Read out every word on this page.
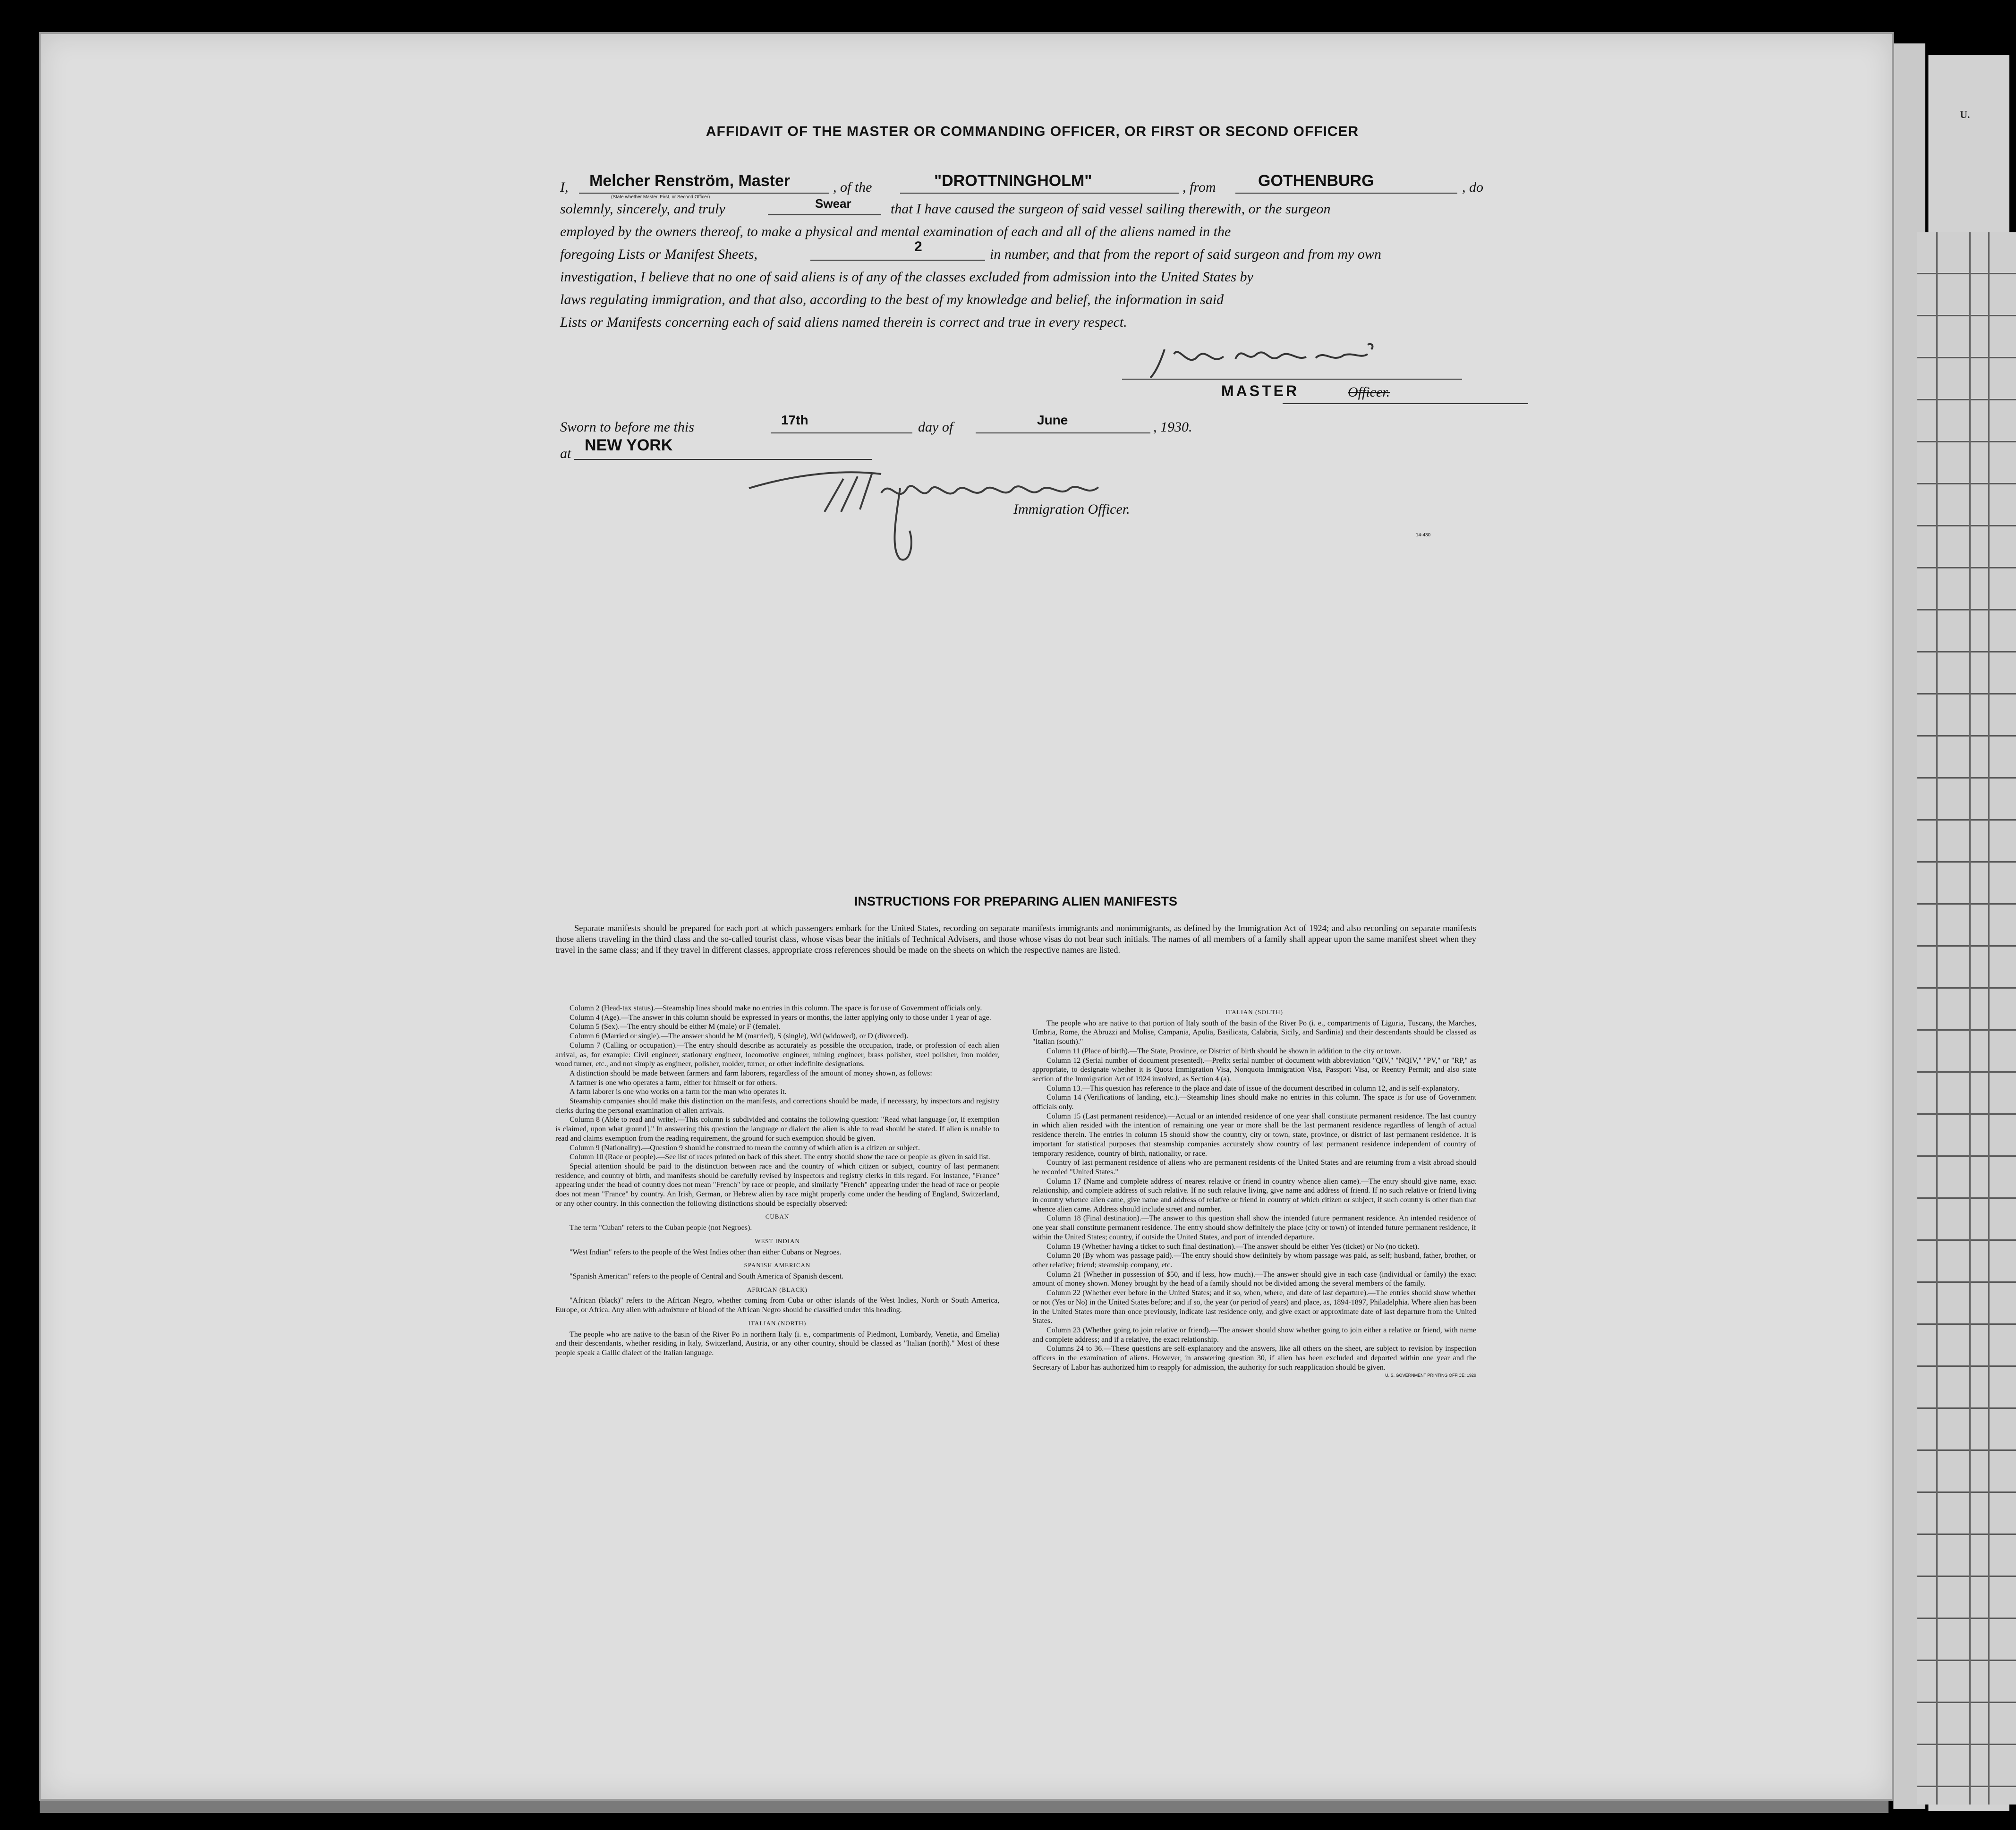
U.
AFFIDAVIT OF THE MASTER OR COMMANDING OFFICER, OR FIRST OR SECOND OFFICER
I, Melcher Renström, Master	, of the	"DROTTNINGHOLM"	, from	GOTHENBURG	, do
solemnly, sincerely, and truly
(State whether Master, First, or Second Officer)	Swear	that I have caused the surgeon of said vessel sailing therewith, or the surgeon
employed by the owners thereof, to make a physical and mental examination of each and all of the aliens named in the
foregoing Lists or Manifest Sheets,	2	in number, and that from the report of said surgeon and from my own
investigation, I believe that no one of said aliens is of any of the classes excluded from admission into the United States by
laws regulating immigration, and that also, according to the best of my knowledge and belief, the information in said
Lists or Manifests concerning each of said aliens named therein is correct and true in every respect.
MASTER	Officer.
Sworn to before me this	17th	day of	June	, 1930.
at NEW YORK
Immigration Officer.
14-430
INSTRUCTIONS FOR PREPARING ALIEN MANIFESTS
Separate manifests should be prepared for each port at which passengers embark for the United States, recording on separate manifests immigrants and nonimmigrants, as defined by the Immigration Act of 1924; and also recording on separate manifests those aliens traveling in the third class and the so-called tourist class, whose visas bear the initials of Technical Advisers, and those whose visas do not bear such initials. The names of all members of a family shall appear upon the same manifest sheet when they travel in the same class; and if they travel in different classes, appropriate cross references should be made on the sheets on which the respective names are listed.

Column 2 (Head-tax status).—Steamship lines should make no entries in this column. The space is for use of Government officials only.

Column 4 (Age).—The answer in this column should be expressed in years or months, the latter applying only to those under 1 year of age.

Column 5 (Sex).—The entry should be either M (male) or F (female).

Column 6 (Married or single).—The answer should be M (married), S (single), Wd (widowed), or D (divorced).

Column 7 (Calling or occupation).—The entry should describe as accurately as possible the occupation, trade, or profession of each alien arrival, as, for example: Civil engineer, stationary engineer, locomotive engineer, mining engineer, brass polisher, steel polisher, iron molder, wood turner, etc., and not simply as engineer, polisher, molder, turner, or other indefinite designations.

A distinction should be made between farmers and farm laborers, regardless of the amount of money shown, as follows:

A farmer is one who operates a farm, either for himself or for others.

A farm laborer is one who works on a farm for the man who operates it.

Steamship companies should make this distinction on the manifests, and corrections should be made, if necessary, by inspectors and registry clerks during the personal examination of alien arrivals.

Column 8 (Able to read and write).—This column is subdivided and contains the following question: "Read what language [or, if exemption is claimed, upon what ground]." In answering this question the language or dialect the alien is able to read should be stated. If alien is unable to read and claims exemption from the reading requirement, the ground for such exemption should be given.

Column 9 (Nationality).—Question 9 should be construed to mean the country of which alien is a citizen or subject.

Column 10 (Race or people).—See list of races printed on back of this sheet. The entry should show the race or people as given in said list.

Special attention should be paid to the distinction between race and the country of which citizen or subject, country of last permanent residence, and country of birth, and manifests should be carefully revised by inspectors and registry clerks in this regard. For instance, "France" appearing under the head of country does not mean "French" by race or people, and similarly "French" appearing under the head of race or people does not mean "France" by country. An Irish, German, or Hebrew alien by race might properly come under the heading of England, Switzerland, or any other country. In this connection the following distinctions should be especially observed:

CUBAN

The term "Cuban" refers to the Cuban people (not Negroes).

WEST INDIAN

"West Indian" refers to the people of the West Indies other than either Cubans or Negroes.

SPANISH AMERICAN

"Spanish American" refers to the people of Central and South America of Spanish descent.

AFRICAN (BLACK)

"African (black)" refers to the African Negro, whether coming from Cuba or other islands of the West Indies, North or South America, Europe, or Africa. Any alien with admixture of blood of the African Negro should be classified under this heading.

ITALIAN (NORTH)

The people who are native to the basin of the River Po in northern Italy (i. e., compartments of Piedmont, Lombardy, Venetia, and Emelia) and their descendants, whether residing in Italy, Switzerland, Austria, or any other country, should be classed as "Italian (north)." Most of these people speak a Gallic dialect of the Italian language.

ITALIAN (SOUTH)

The people who are native to that portion of Italy south of the basin of the River Po (i. e., compartments of Liguria, Tuscany, the Marches, Umbria, Rome, the Abruzzi and Molise, Campania, Apulia, Basilicata, Calabria, Sicily, and Sardinia) and their descendants should be classed as "Italian (south)."

Column 11 (Place of birth).—The State, Province, or District of birth should be shown in addition to the city or town.

Column 12 (Serial number of document presented).—Prefix serial number of document with abbreviation "QIV," "NQIV," "PV," or "RP," as appropriate, to designate whether it is Quota Immigration Visa, Nonquota Immigration Visa, Passport Visa, or Reentry Permit; and also state section of the Immigration Act of 1924 involved, as Section 4 (a).

Column 13.—This question has reference to the place and date of issue of the document described in column 12, and is self-explanatory.

Column 14 (Verifications of landing, etc.).—Steamship lines should make no entries in this column. The space is for use of Government officials only.

Column 15 (Last permanent residence).—Actual or an intended residence of one year shall constitute permanent residence. The last country in which alien resided with the intention of remaining one year or more shall be the last permanent residence regardless of length of actual residence therein. The entries in column 15 should show the country, city or town, state, province, or district of last permanent residence. It is important for statistical purposes that steamship companies accurately show country of last permanent residence independent of country of temporary residence, country of birth, nationality, or race.

Country of last permanent residence of aliens who are permanent residents of the United States and are returning from a visit abroad should be recorded "United States."

Column 17 (Name and complete address of nearest relative or friend in country whence alien came).—The entry should give name, exact relationship, and complete address of such relative. If no such relative living, give name and address of friend. If no such relative or friend living in country whence alien came, give name and address of relative or friend in country of which citizen or subject, if such country is other than that whence alien came. Address should include street and number.

Column 18 (Final destination).—The answer to this question shall show the intended future permanent residence. An intended residence of one year shall constitute permanent residence. The entry should show definitely the place (city or town) of intended future permanent residence, if within the United States; country, if outside the United States, and port of intended departure.

Column 19 (Whether having a ticket to such final destination).—The answer should be either Yes (ticket) or No (no ticket).

Column 20 (By whom was passage paid).—The entry should show definitely by whom passage was paid, as self; husband, father, brother, or other relative; friend; steamship company, etc.

Column 21 (Whether in possession of $50, and if less, how much).—The answer should give in each case (individual or family) the exact amount of money shown. Money brought by the head of a family should not be divided among the several members of the family.

Column 22 (Whether ever before in the United States; and if so, when, where, and date of last departure).—The entries should show whether or not (Yes or No) in the United States before; and if so, the year (or period of years) and place, as, 1894-1897, Philadelphia. Where alien has been in the United States more than once previously, indicate last residence only, and give exact or approximate date of last departure from the United States.

Column 23 (Whether going to join relative or friend).—The answer should show whether going to join either a relative or friend, with name and complete address; and if a relative, the exact relationship.

Columns 24 to 36.—These questions are self-explanatory and the answers, like all others on the sheet, are subject to revision by inspection officers in the examination of aliens. However, in answering question 30, if alien has been excluded and deported within one year and the Secretary of Labor has authorized him to reapply for admission, the authority for such reapplication should be given.

U. S. GOVERNMENT PRINTING OFFICE: 1929
